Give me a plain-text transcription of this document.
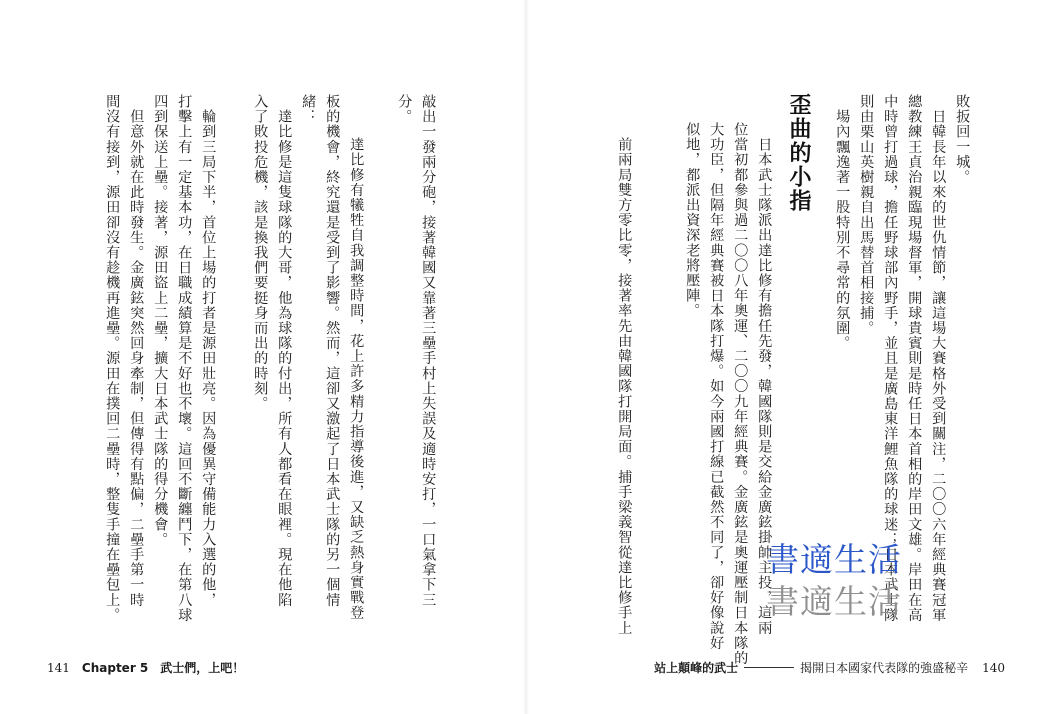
敗扳回一城。
　日韓長年以來的世仇情節，讓這場大賽格外受到關注，二〇〇六年經典賽冠軍
總教練王貞治親臨現場督軍，開球貴賓則是時任日本首相的岸田文雄。岸田在高
中時曾打過球，擔任野球部內野手，並且是廣島東洋鯉魚隊的球迷；日本武士隊
則由栗山英樹親自出馬替首相接捕。
　場內飄逸著一股特別不尋常的氛圍。
歪曲的小指
　日本武士隊派出達比修有擔任先發，韓國隊則是交給金廣鉉掛帥主投，這兩
位當初都參與過二〇〇八年奧運、二〇〇九年經典賽。金廣鉉是奧運壓制日本隊的
大功臣，但隔年經典賽被日本隊打爆。如今兩國打線已截然不同了，卻好像說好
似地，都派出資深老將壓陣。
　前兩局雙方零比零，接著率先由韓國隊打開局面。捕手梁義智從達比修手上	書適生活
書適生活
敲出一發兩分砲，接著韓國又靠著三壘手村上失誤及適時安打，一口氣拿下三
分。
　達比修有犧牲自我調整時間，花上許多精力指導後進，又缺乏熱身實戰登
板的機會，終究還是受到了影響。然而，這卻又激起了日本武士隊的另一個情
緒：
　達比修是這隻球隊的大哥，他為球隊的付出，所有人都看在眼裡。現在他陷
入了敗投危機，該是換我們要挺身而出的時刻。
　輪到三局下半，首位上場的打者是源田壯亮。因為優異守備能力入選的他，
打擊上有一定基本功，在日職成績算是不好也不壞。這回不斷纏鬥下，在第八球
四到保送上壘。接著，源田盜上二壘，擴大日本武士隊的得分機會。
　但意外就在此時發生。金廣鉉突然回身牽制，但傳得有點偏，二壘手第一時
間沒有接到，源田卻沒有趁機再進壘。源田在撲回二壘時，整隻手撞在壘包上。
141 Chapter 5 武士們，上吧！	站上顛峰的武士	揭開日本國家代表隊的強盛秘辛 140
